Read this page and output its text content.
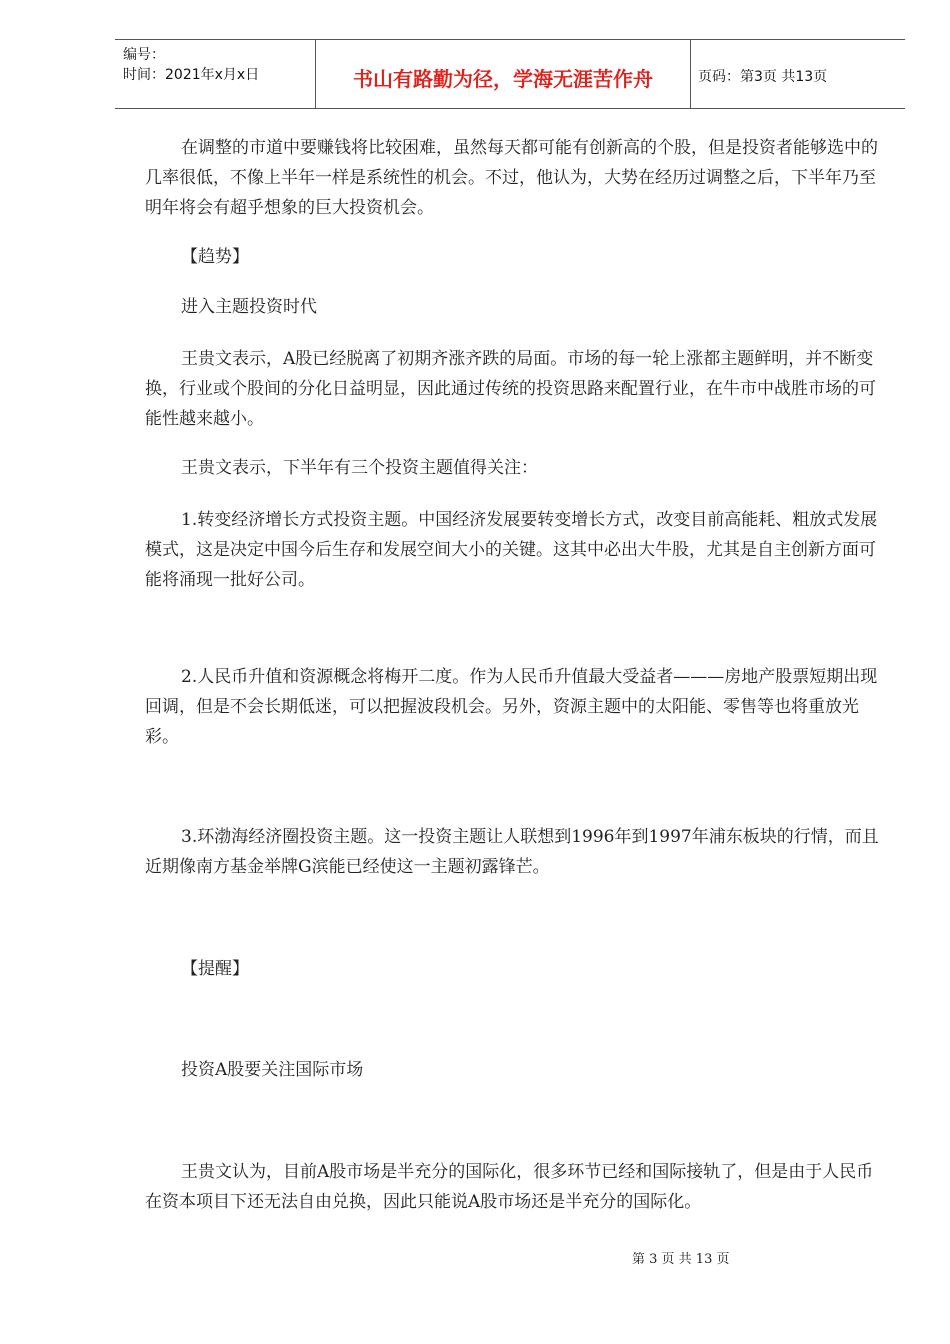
编号：
时间：2021年x月x日	书山有路勤为径，学海无涯苦作舟	页码：第3页 共13页
在调整的市道中要赚钱将比较困难，虽然每天都可能有创新高的个股，但是投资者能够选中的几率很低，不像上半年一样是系统性的机会。不过，他认为，大势在经历过调整之后，下半年乃至明年将会有超乎想象的巨大投资机会。
【趋势】
进入主题投资时代
王贵文表示，A股已经脱离了初期齐涨齐跌的局面。市场的每一轮上涨都主题鲜明，并不断变换，行业或个股间的分化日益明显，因此通过传统的投资思路来配置行业，在牛市中战胜市场的可能性越来越小。
王贵文表示，下半年有三个投资主题值得关注：
1.转变经济增长方式投资主题。中国经济发展要转变增长方式，改变目前高能耗、粗放式发展模式，这是决定中国今后生存和发展空间大小的关键。这其中必出大牛股，尤其是自主创新方面可能将涌现一批好公司。
2.人民币升值和资源概念将梅开二度。作为人民币升值最大受益者———房地产股票短期出现回调，但是不会长期低迷，可以把握波段机会。另外，资源主题中的太阳能、零售等也将重放光彩。
3.环渤海经济圈投资主题。这一投资主题让人联想到1996年到1997年浦东板块的行情，而且近期像南方基金举牌G滨能已经使这一主题初露锋芒。
【提醒】
投资A股要关注国际市场
王贵文认为，目前A股市场是半充分的国际化，很多环节已经和国际接轨了，但是由于人民币在资本项目下还无法自由兑换，因此只能说A股市场还是半充分的国际化。
第 3 页 共 13 页
